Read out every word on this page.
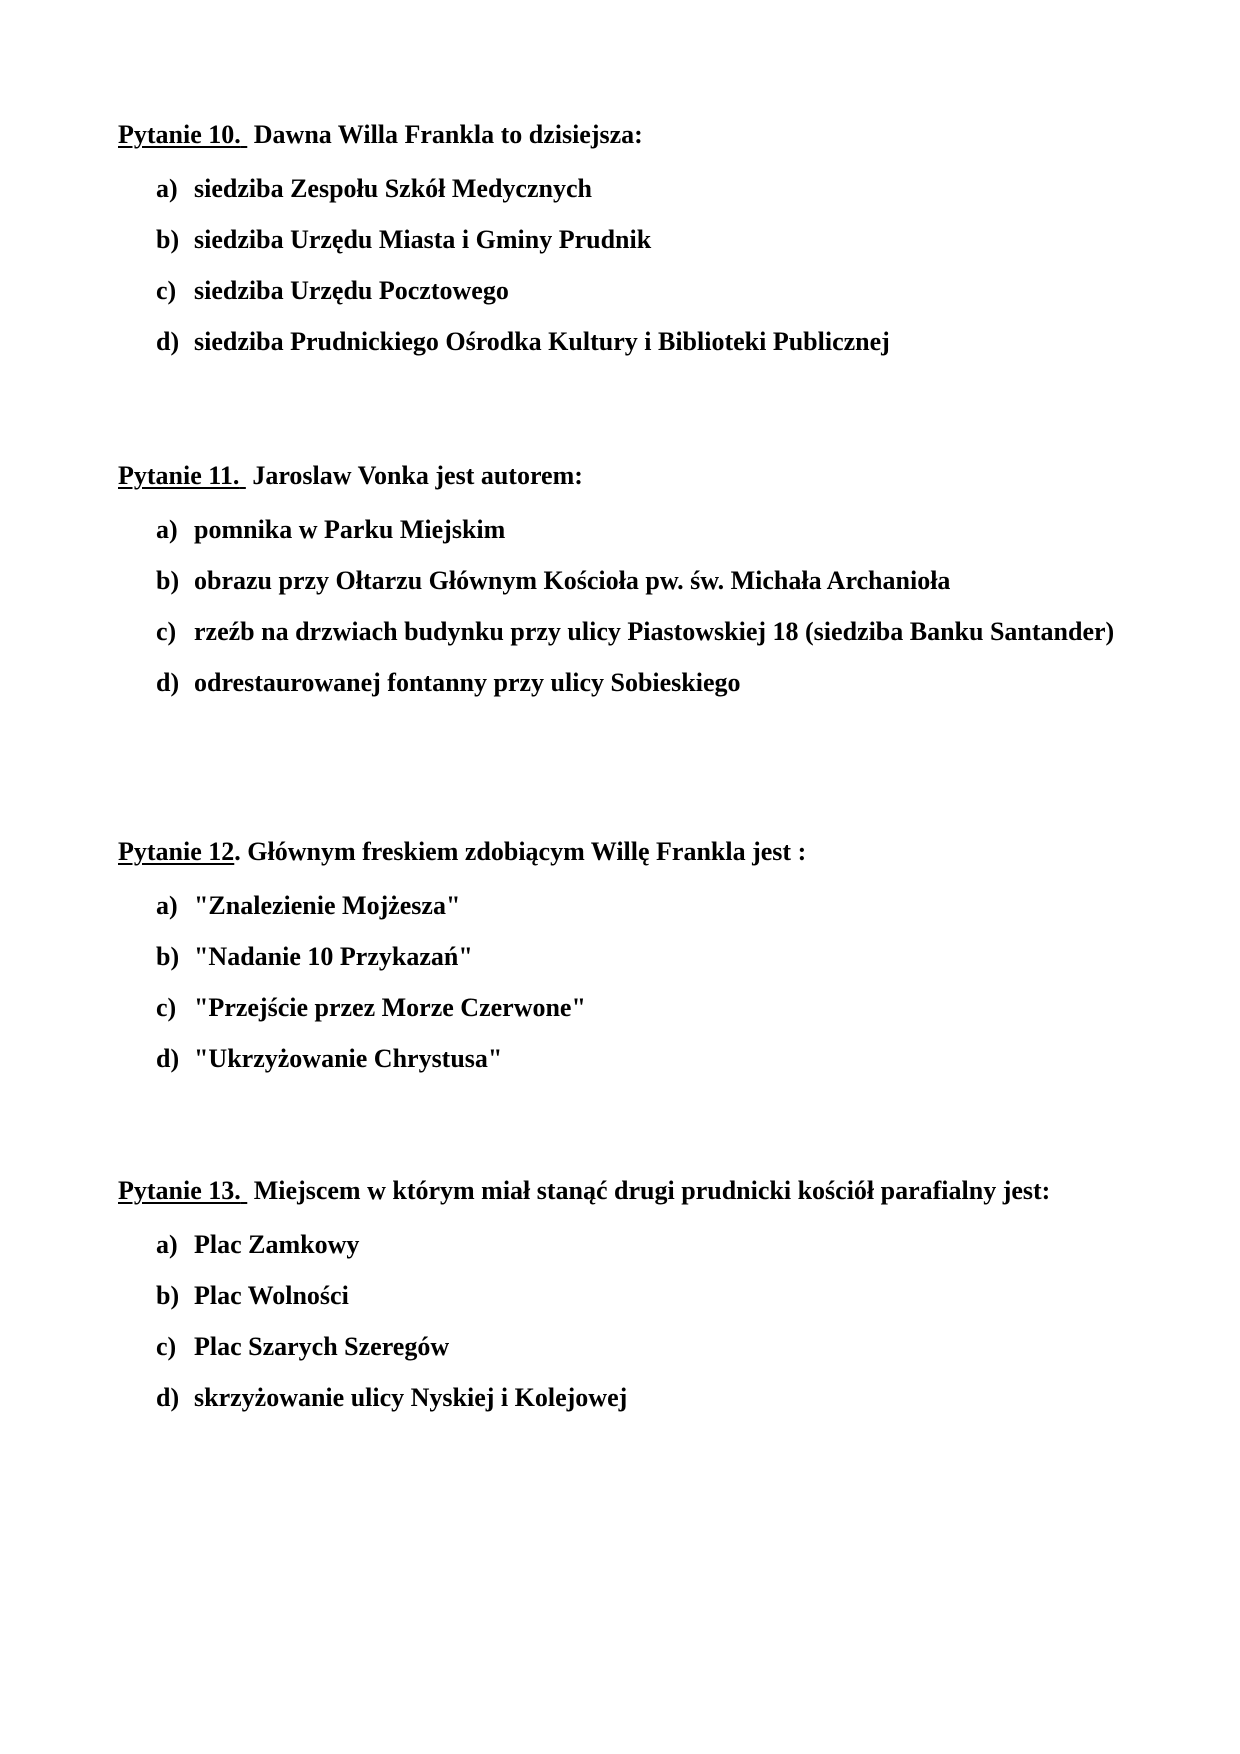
Pytanie 10.  Dawna Willa Frankla to dzisiejsza:
a) siedziba Zespołu Szkół Medycznych
b) siedziba Urzędu Miasta i Gminy Prudnik
c) siedziba Urzędu Pocztowego
d) siedziba Prudnickiego Ośrodka Kultury i Biblioteki Publicznej
Pytanie 11.  Jaroslaw Vonka jest autorem:
a) pomnika w Parku Miejskim
b) obrazu przy Ołtarzu Głównym Kościoła pw. św. Michała Archanioła
c) rzeźb na drzwiach budynku przy ulicy Piastowskiej 18 (siedziba Banku Santander)
d) odrestaurowanej fontanny przy ulicy Sobieskiego
Pytanie 12. Głównym freskiem zdobiącym Willę Frankla jest :
a) "Znalezienie Mojżesza"
b) "Nadanie 10 Przykazań"
c) "Przejście przez Morze Czerwone"
d) "Ukrzyżowanie Chrystusa"
Pytanie 13.  Miejscem w którym miał stanąć drugi prudnicki kościół parafialny jest:
a) Plac Zamkowy
b) Plac Wolności
c) Plac Szarych Szeregów
d) skrzyżowanie ulicy Nyskiej i Kolejowej
